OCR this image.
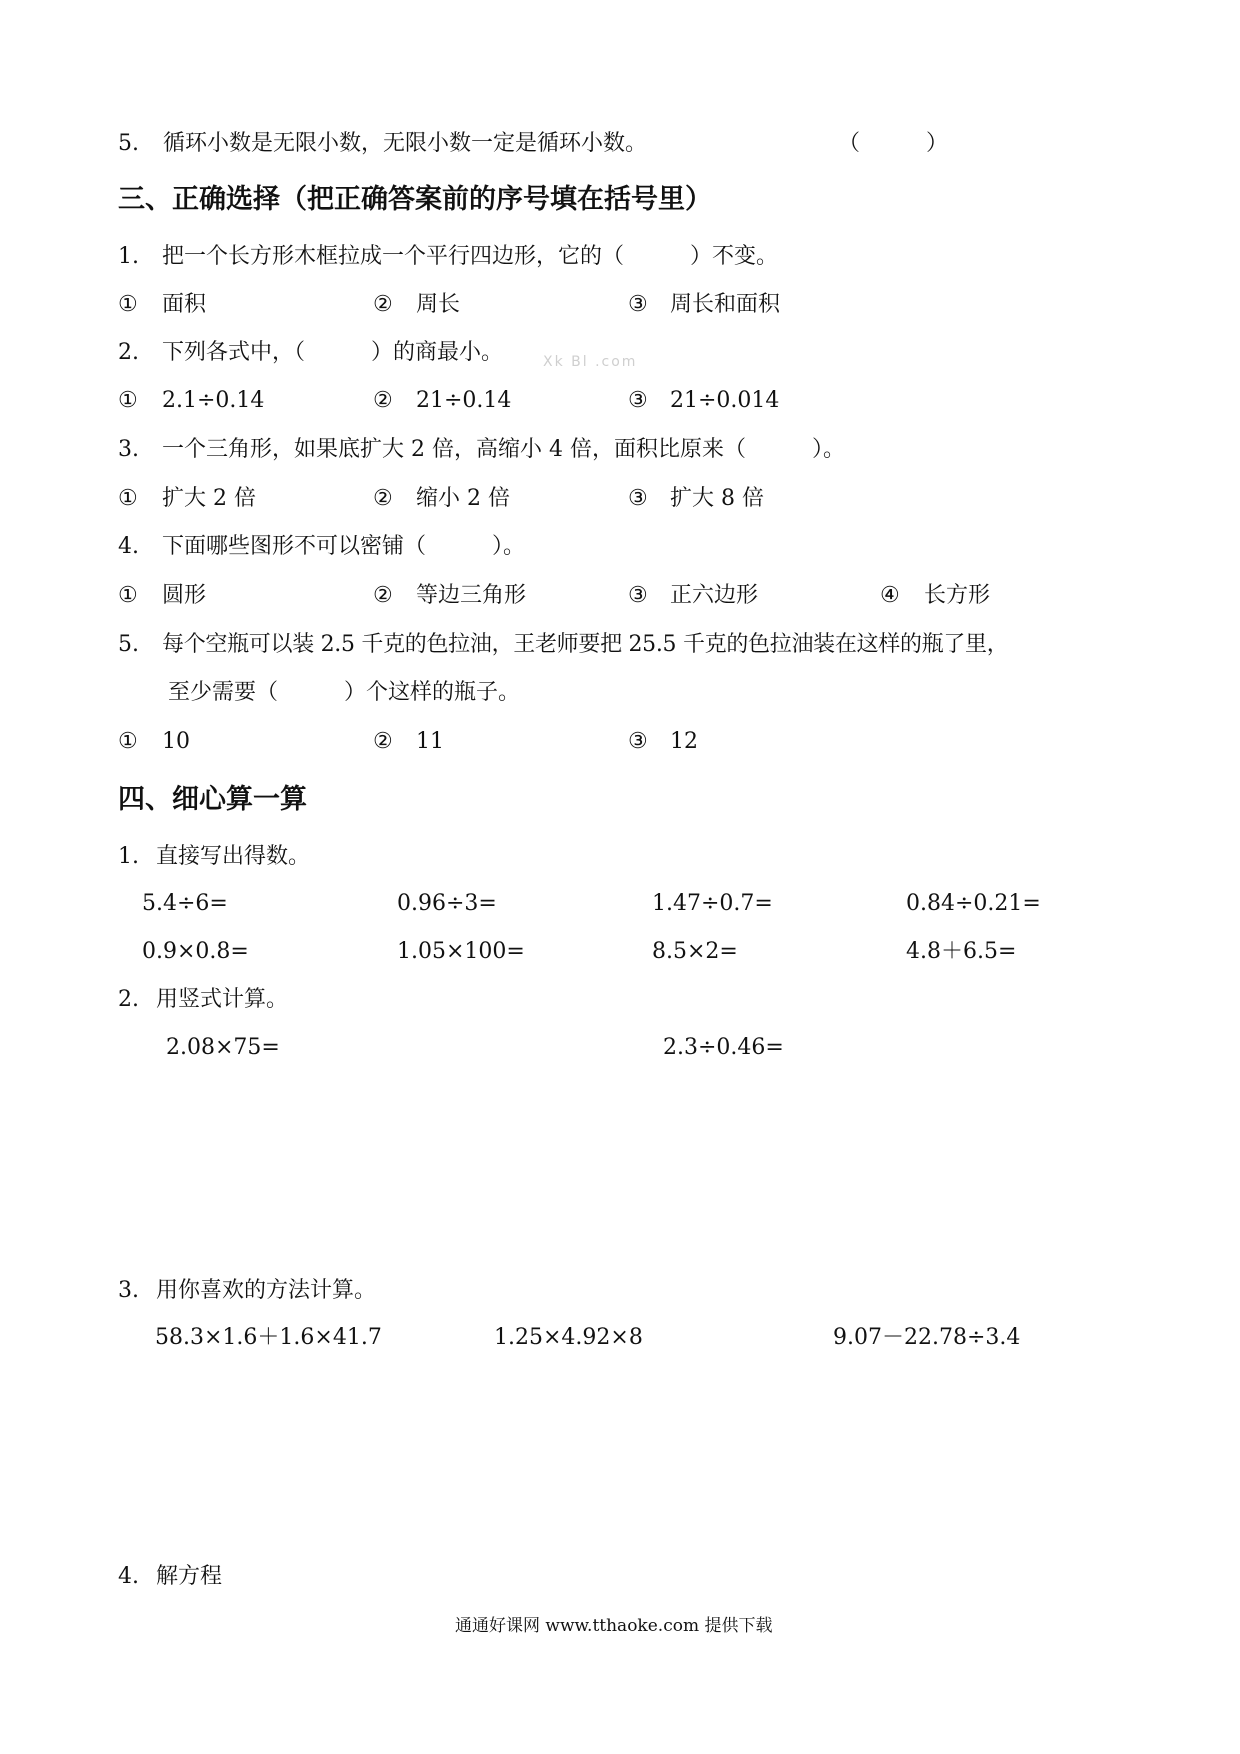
5.	循环小数是无限小数，无限小数一定是循环小数。	（　　　）
三、正确选择（把正确答案前的序号填在括号里）
1.	把一个长方形木框拉成一个平行四边形，它的（　　　）不变。
① 面积	② 周长	③ 周长和面积
2.	下列各式中，（　　　）的商最小。	Xk Bl .com
① 2.1÷0.14	② 21÷0.14	③ 21÷0.014
3.	一个三角形，如果底扩大 2 倍，高缩小 4 倍，面积比原来（　　　）。
① 扩大 2 倍	② 缩小 2 倍	③ 扩大 8 倍
4.	下面哪些图形不可以密铺（　　　）。
① 圆形	② 等边三角形	③ 正六边形	④ 长方形
5.	每个空瓶可以装 2.5 千克的色拉油，王老师要把 25.5 千克的色拉油装在这样的瓶了里，
至少需要（　　　）个这样的瓶子。
① 10	② 11	③ 12
四、细心算一算
1. 直接写出得数。
5.4÷6=	0.96÷3=	1.47÷0.7=	0.84÷0.21=
0.9×0.8=	1.05×100=	8.5×2=	4.8＋6.5=
2. 用竖式计算。
2.08×75=	2.3÷0.46=
3. 用你喜欢的方法计算。
58.3×1.6＋1.6×41.7	1.25×4.92×8	9.07－22.78÷3.4
4. 解方程
通通好课网 www.tthaoke.com 提供下载
